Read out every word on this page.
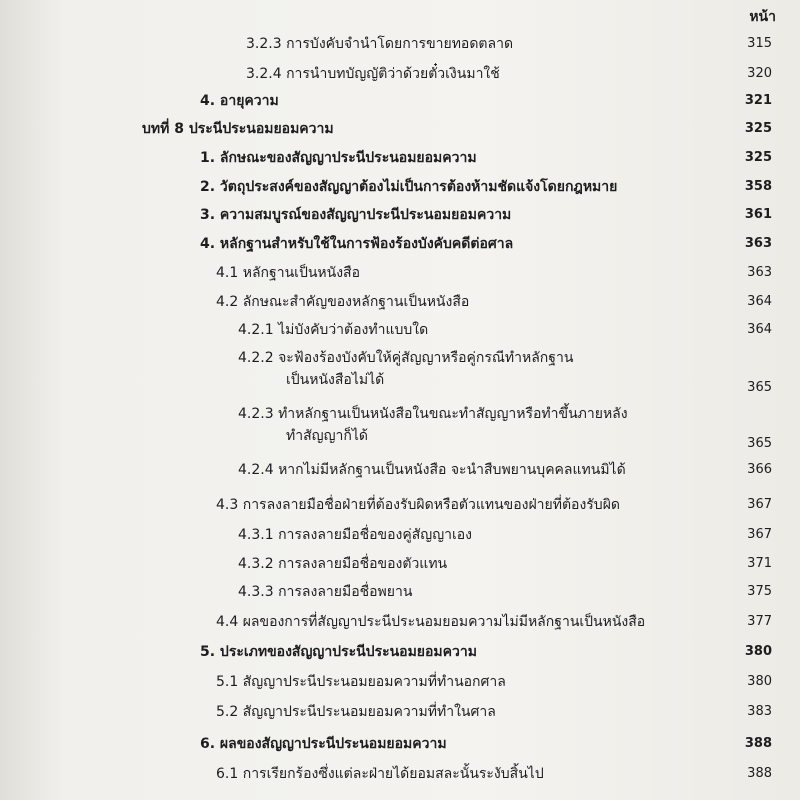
หน้า
3.2.3 การบังคับจำนำโดยการขายทอดตลาด	315
3.2.4 การนำบทบัญญัติว่าด้วยตั๋วเงินมาใช้	320
4. อายุความ	321
บทที่ 8 ประนีประนอมยอมความ	325
1. ลักษณะของสัญญาประนีประนอมยอมความ	325
2. วัตถุประสงค์ของสัญญาต้องไม่เป็นการต้องห้ามชัดแจ้งโดยกฎหมาย	358
3. ความสมบูรณ์ของสัญญาประนีประนอมยอมความ	361
4. หลักฐานสำหรับใช้ในการฟ้องร้องบังคับคดีต่อศาล	363
4.1 หลักฐานเป็นหนังสือ	363
4.2 ลักษณะสำคัญของหลักฐานเป็นหนังสือ	364
4.2.1 ไม่บังคับว่าต้องทำแบบใด	364
4.2.2 จะฟ้องร้องบังคับให้คู่สัญญาหรือคู่กรณีทำหลักฐาน
เป็นหนังสือไม่ได้	365
4.2.3 ทำหลักฐานเป็นหนังสือในขณะทำสัญญาหรือทำขึ้นภายหลัง
ทำสัญญาก็ได้	365
4.2.4 หากไม่มีหลักฐานเป็นหนังสือ จะนำสืบพยานบุคคลแทนมิได้	366
4.3 การลงลายมือชื่อฝ่ายที่ต้องรับผิดหรือตัวแทนของฝ่ายที่ต้องรับผิด	367
4.3.1 การลงลายมือชื่อของคู่สัญญาเอง	367
4.3.2 การลงลายมือชื่อของตัวแทน	371
4.3.3 การลงลายมือชื่อพยาน	375
4.4 ผลของการที่สัญญาประนีประนอมยอมความไม่มีหลักฐานเป็นหนังสือ	377
5. ประเภทของสัญญาประนีประนอมยอมความ	380
5.1 สัญญาประนีประนอมยอมความที่ทำนอกศาล	380
5.2 สัญญาประนีประนอมยอมความที่ทำในศาล	383
6. ผลของสัญญาประนีประนอมยอมความ	388
6.1 การเรียกร้องซึ่งแต่ละฝ่ายได้ยอมสละนั้นระงับสิ้นไป	388
